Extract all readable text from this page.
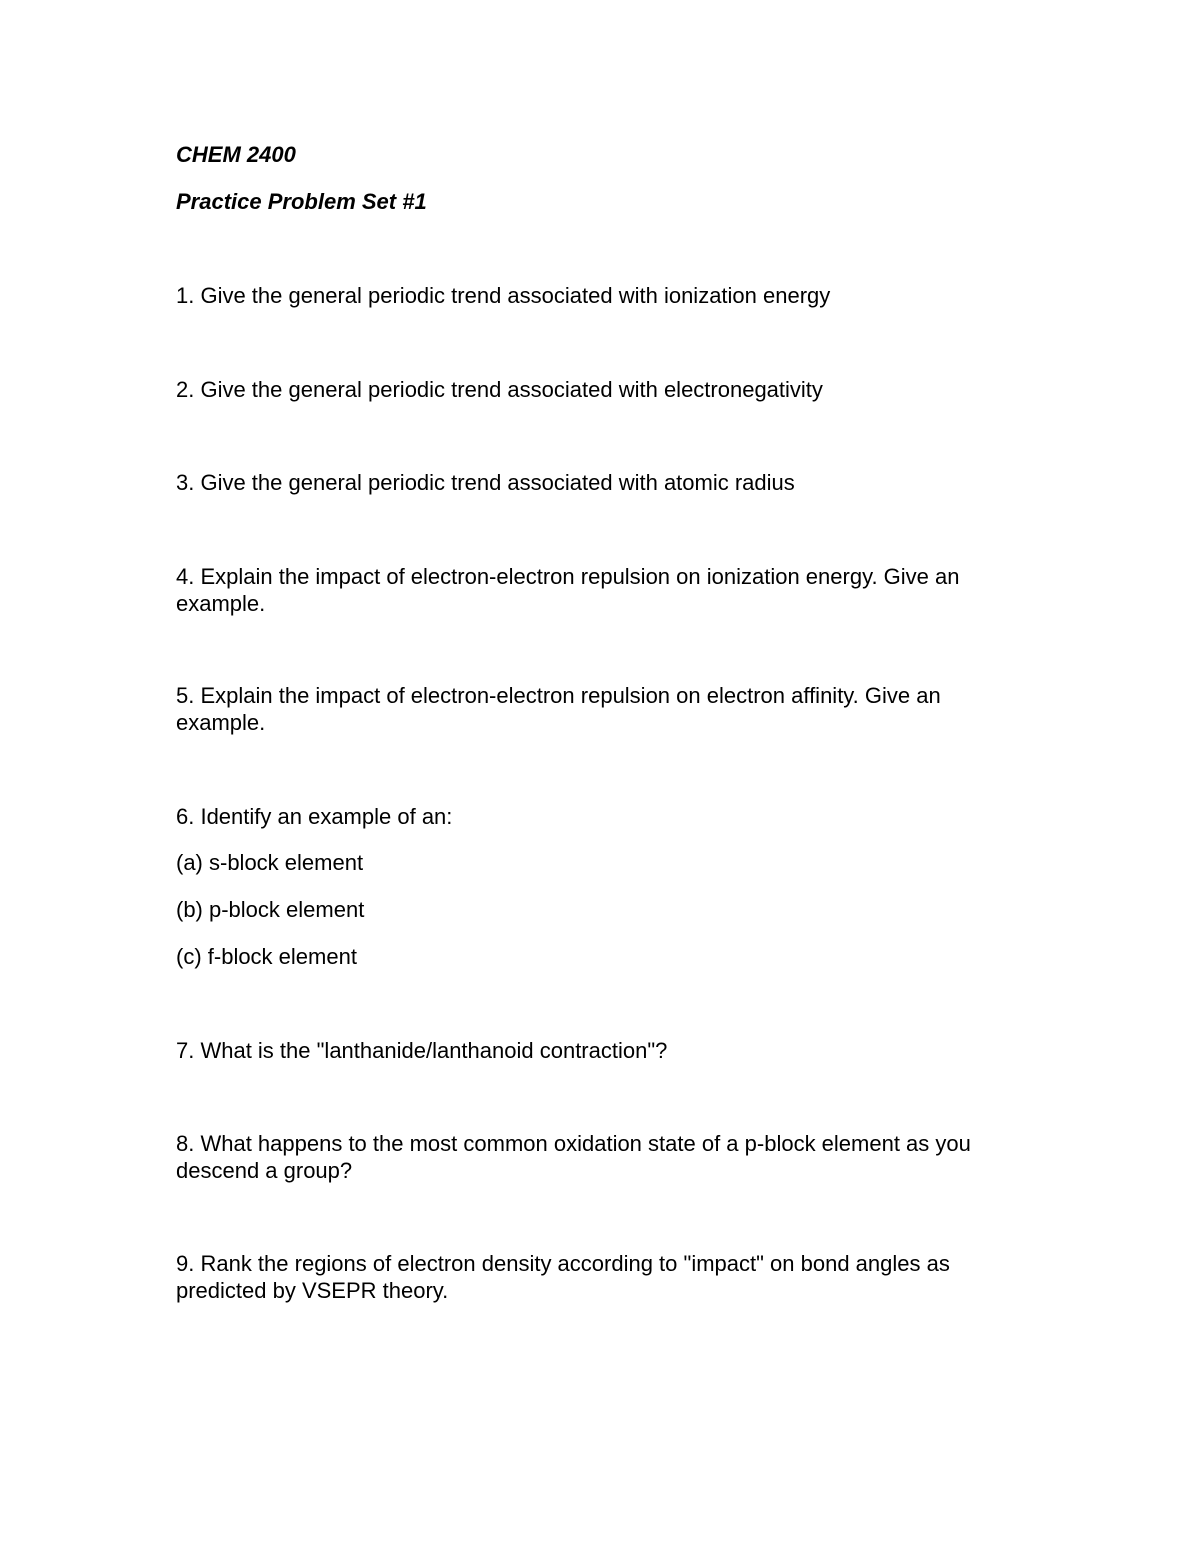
CHEM 2400
Practice Problem Set #1
1. Give the general periodic trend associated with ionization energy
2. Give the general periodic trend associated with electronegativity
3. Give the general periodic trend associated with atomic radius
4. Explain the impact of electron-electron repulsion on ionization energy. Give an example.
5. Explain the impact of electron-electron repulsion on electron affinity. Give an example.
6. Identify an example of an:
(a) s-block element
(b) p-block element
(c) f-block element
7. What is the "lanthanide/lanthanoid contraction"?
8. What happens to the most common oxidation state of a p-block element as you descend a group?
9. Rank the regions of electron density according to "impact" on bond angles as predicted by VSEPR theory.
